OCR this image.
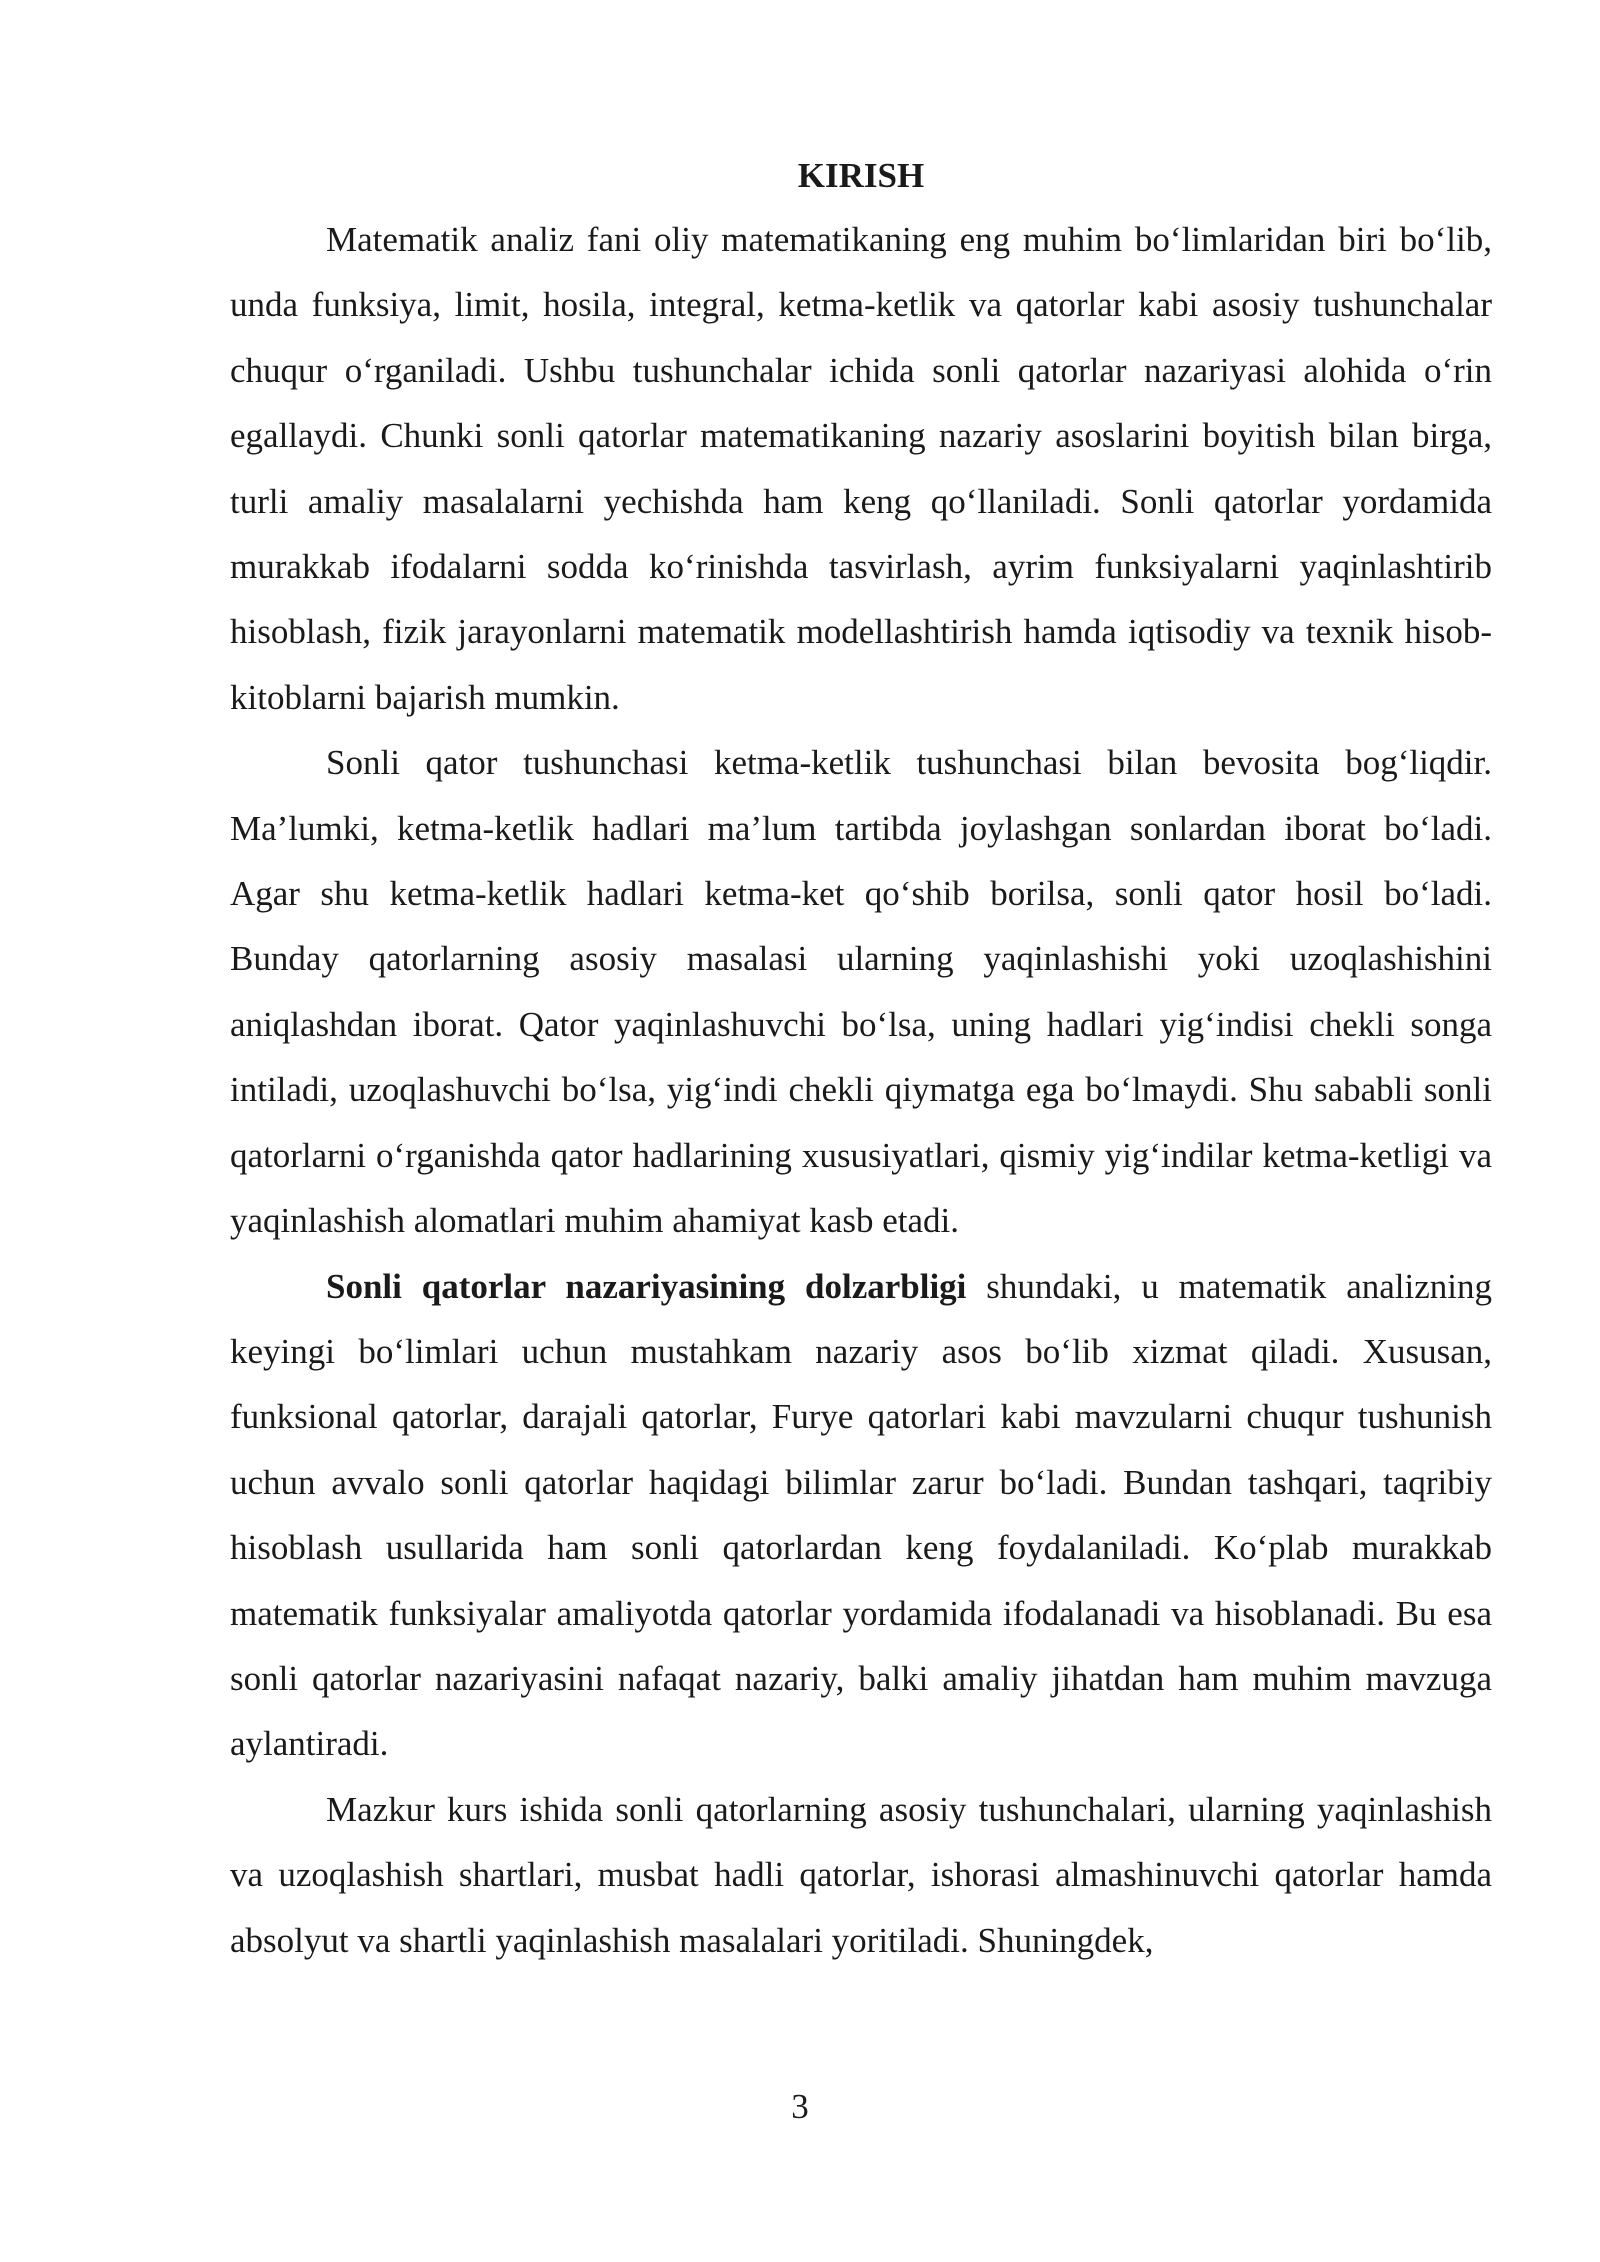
KIRISH

Matematik analiz fani oliy matematikaning eng muhim bo‘limlaridan biri bo‘lib, unda funksiya, limit, hosila, integral, ketma-ketlik va qatorlar kabi asosiy tushunchalar chuqur o‘rganiladi. Ushbu tushunchalar ichida sonli qatorlar nazariyasi alohida o‘rin egallaydi. Chunki sonli qatorlar matematikaning nazariy asoslarini boyitish bilan birga, turli amaliy masalalarni yechishda ham keng qo‘llaniladi. Sonli qatorlar yordamida murakkab ifodalarni sodda ko‘rinishda tasvirlash, ayrim funksiyalarni yaqinlashtirib hisoblash, fizik jarayonlarni matematik modellashtirish hamda iqtisodiy va texnik hisob-kitoblarni bajarish mumkin.

Sonli qator tushunchasi ketma-ketlik tushunchasi bilan bevosita bog‘liqdir. Ma’lumki, ketma-ketlik hadlari ma’lum tartibda joylashgan sonlardan iborat bo‘ladi. Agar shu ketma-ketlik hadlari ketma-ket qo‘shib borilsa, sonli qator hosil bo‘ladi. Bunday qatorlarning asosiy masalasi ularning yaqinlashishi yoki uzoqlashishini aniqlashdan iborat. Qator yaqinlashuvchi bo‘lsa, uning hadlari yig‘indisi chekli songa intiladi, uzoqlashuvchi bo‘lsa, yig‘indi chekli qiymatga ega bo‘lmaydi. Shu sababli sonli qatorlarni o‘rganishda qator hadlarining xususiyatlari, qismiy yig‘indilar ketma-ketligi va yaqinlashish alomatlari muhim ahamiyat kasb etadi.

Sonli qatorlar nazariyasining dolzarbligi shundaki, u matematik analizning keyingi bo‘limlari uchun mustahkam nazariy asos bo‘lib xizmat qiladi. Xususan, funksional qatorlar, darajali qatorlar, Furye qatorlari kabi mavzularni chuqur tushunish uchun avvalo sonli qatorlar haqidagi bilimlar zarur bo‘ladi. Bundan tashqari, taqribiy hisoblash usullarida ham sonli qatorlardan keng foydalaniladi. Ko‘plab murakkab matematik funksiyalar amaliyotda qatorlar yordamida ifodalanadi va hisoblanadi. Bu esa sonli qatorlar nazariyasini nafaqat nazariy, balki amaliy jihatdan ham muhim mavzuga aylantiradi.

Mazkur kurs ishida sonli qatorlarning asosiy tushunchalari, ularning yaqinlashish va uzoqlashish shartlari, musbat hadli qatorlar, ishorasi almashinuvchi qatorlar hamda absolyut va shartli yaqinlashish masalalari yoritiladi. Shuningdek,

3
